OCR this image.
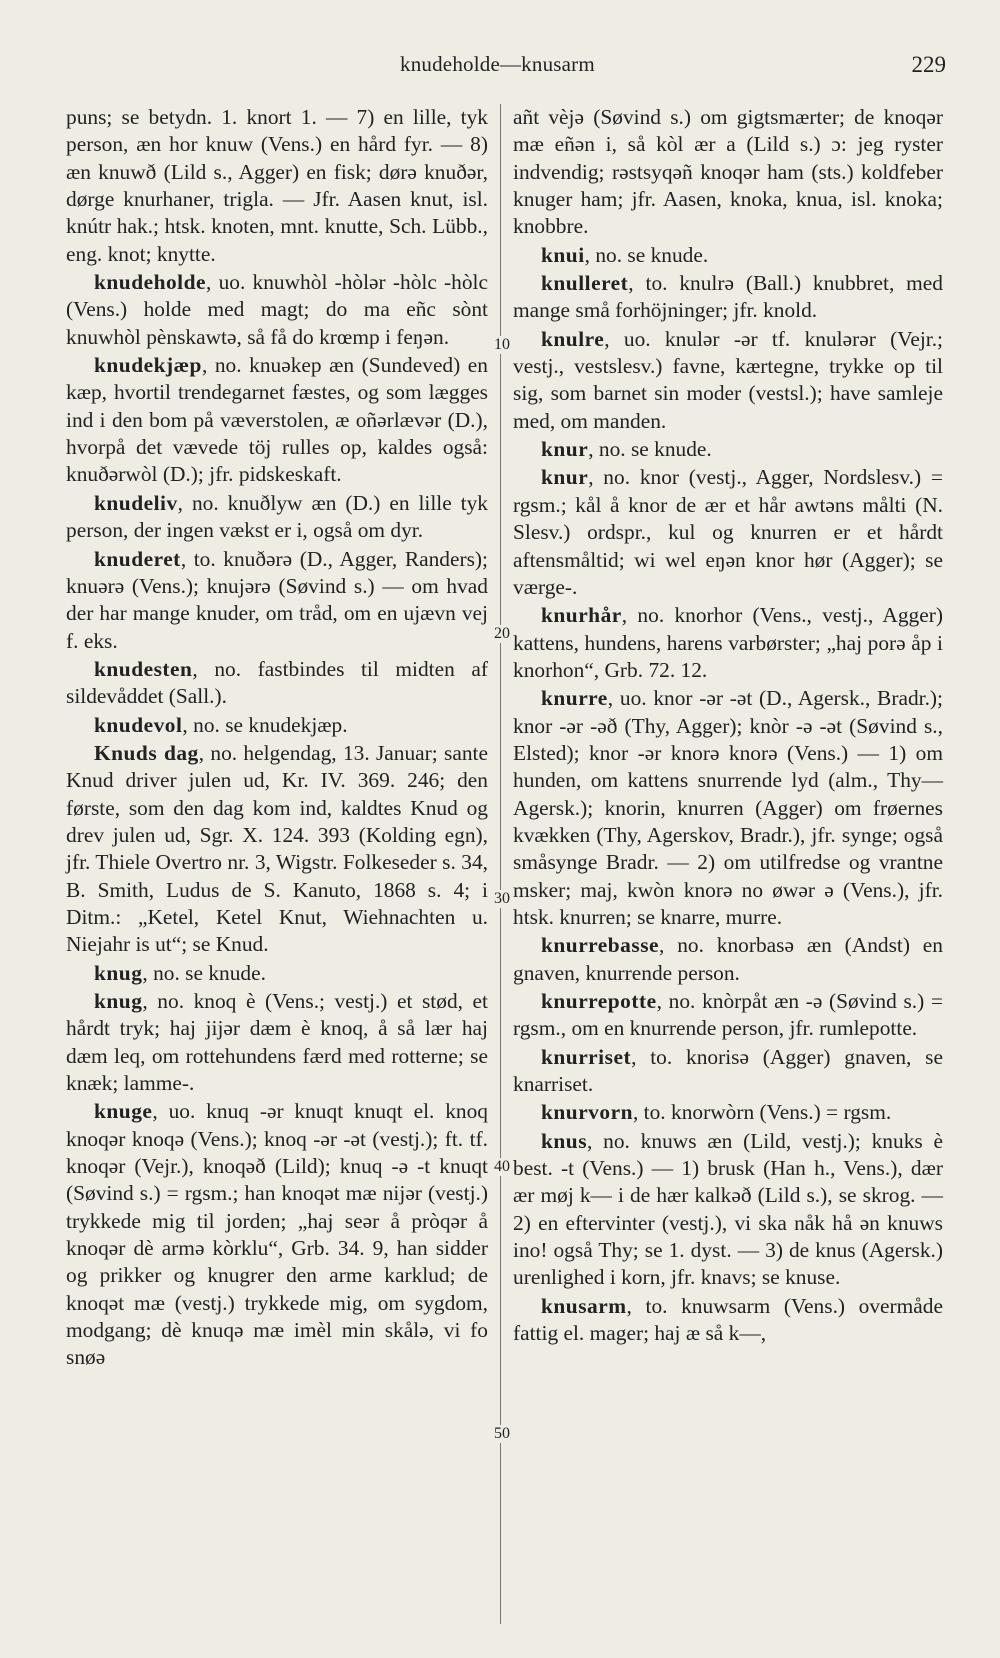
knudeholde—knusarm	229
10
20
30
40
50

puns; se betydn. 1. knort 1. — 7) en lille, tyk person, æn hor knuw (Vens.) en hård fyr. — 8) æn knuwð (Lild s., Agger) en fisk; dørə knuðər, dørge knurhaner, trigla. — Jfr. Aasen knut, isl. knútr hak.; htsk. knoten, mnt. knutte, Sch. Lübb., eng. knot; knytte.

knudeholde, uo. knuwhòl -hòlər -hòlc -hòlc (Vens.) holde med magt; do ma eñc sònt knuwhòl pènskawtə, så få do krœmp i feŋən.

knudekjæp, no. knuəkep æn (Sundeved) en kæp, hvortil trendegarnet fæstes, og som lægges ind i den bom på væverstolen, æ oñərlævər (D.), hvorpå det vævede töj rulles op, kaldes også: knuðərwòl (D.); jfr. pidskeskaft.

knudeliv, no. knuðlyw æn (D.) en lille tyk person, der ingen vækst er i, også om dyr.

knuderet, to. knuðərə (D., Agger, Randers); knuərə (Vens.); knujərə (Søvind s.) — om hvad der har mange knuder, om tråd, om en ujævn vej f. eks.

knudesten, no. fastbindes til midten af sildevåddet (Sall.).

knudevol, no. se knudekjæp.

Knuds dag, no. helgendag, 13. Januar; sante Knud driver julen ud, Kr. IV. 369. 246; den første, som den dag kom ind, kaldtes Knud og drev julen ud, Sgr. X. 124. 393 (Kolding egn), jfr. Thiele Overtro nr. 3, Wigstr. Folkeseder s. 34, B. Smith, Ludus de S. Kanuto, 1868 s. 4; i Ditm.: „Ketel, Ketel Knut, Wiehnachten u. Niejahr is ut“; se Knud.

knug, no. se knude.

knug, no. knoq è (Vens.; vestj.) et stød, et hårdt tryk; haj jijər dæm è knoq, å så lær haj dæm leq, om rottehundens færd med rotterne; se knæk; lamme-.

knuge, uo. knuq -ər knuqt knuqt el. knoq knoqər knoqə (Vens.); knoq -ər -ət (vestj.); ft. tf. knoqər (Vejr.), knoqəð (Lild); knuq -ə -t knuqt (Søvind s.) = rgsm.; han knoqət mæ nijər (vestj.) trykkede mig til jorden; „haj seər å pròqər å knoqər dè armə kòrklu“, Grb. 34. 9, han sidder og prikker og knugrer den arme karklud; de knoqət mæ (vestj.) trykkede mig, om sygdom, modgang; dè knuqə mæ imèl min skålə, vi fo snøə

añt vèjə (Søvind s.) om gigtsmærter; de knoqər mæ eñən i, så kòl ær a (Lild s.) ɔ: jeg ryster indvendig; rəstsyqəñ knoqər ham (sts.) koldfeber knuger ham; jfr. Aasen, knoka, knua, isl. knoka; knobbre.

knui, no. se knude.

knulleret, to. knulrə (Ball.) knubbret, med mange små forhöjninger; jfr. knold.

knulre, uo. knulər -ər tf. knulərər (Vejr.; vestj., vestslesv.) favne, kærtegne, trykke op til sig, som barnet sin moder (vestsl.); have samleje med, om manden.

knur, no. se knude.

knur, no. knor (vestj., Agger, Nordslesv.) = rgsm.; kål å knor de ær et hår awtəns målti (N. Slesv.) ordspr., kul og knurren er et hårdt aftensmåltid; wi wel eŋən knor hør (Agger); se værge-.

knurhår, no. knorhor (Vens., vestj., Agger) kattens, hundens, harens varbørster; „haj porə åp i knorhon“, Grb. 72. 12.

knurre, uo. knor -ər -ət (D., Agersk., Bradr.); knor -ər -əð (Thy, Agger); knòr -ə -ət (Søvind s., Elsted); knor -ər knorə knorə (Vens.) — 1) om hunden, om kattens snurrende lyd (alm., Thy—Agersk.); knorin, knurren (Agger) om frøernes kvækken (Thy, Agerskov, Bradr.), jfr. synge; også småsynge Bradr. — 2) om utilfredse og vrantne msker; maj, kwòn knorə no øwər ə (Vens.), jfr. htsk. knurren; se knarre, murre.

knurrebasse, no. knorbasə æn (Andst) en gnaven, knurrende person.

knurrepotte, no. knòrpåt æn -ə (Søvind s.) = rgsm., om en knurrende person, jfr. rumlepotte.

knurriset, to. knorisə (Agger) gnaven, se knarriset.

knurvorn, to. knorwòrn (Vens.) = rgsm.

knus, no. knuws æn (Lild, vestj.); knuks è best. -t (Vens.) — 1) brusk (Han h., Vens.), dær ær møj k— i de hær kalkəð (Lild s.), se skrog. — 2) en eftervinter (vestj.), vi ska nåk hå ən knuws ino! også Thy; se 1. dyst. — 3) de knus (Agersk.) urenlighed i korn, jfr. knavs; se knuse.

knusarm, to. knuwsarm (Vens.) overmåde fattig el. mager; haj æ så k—,
